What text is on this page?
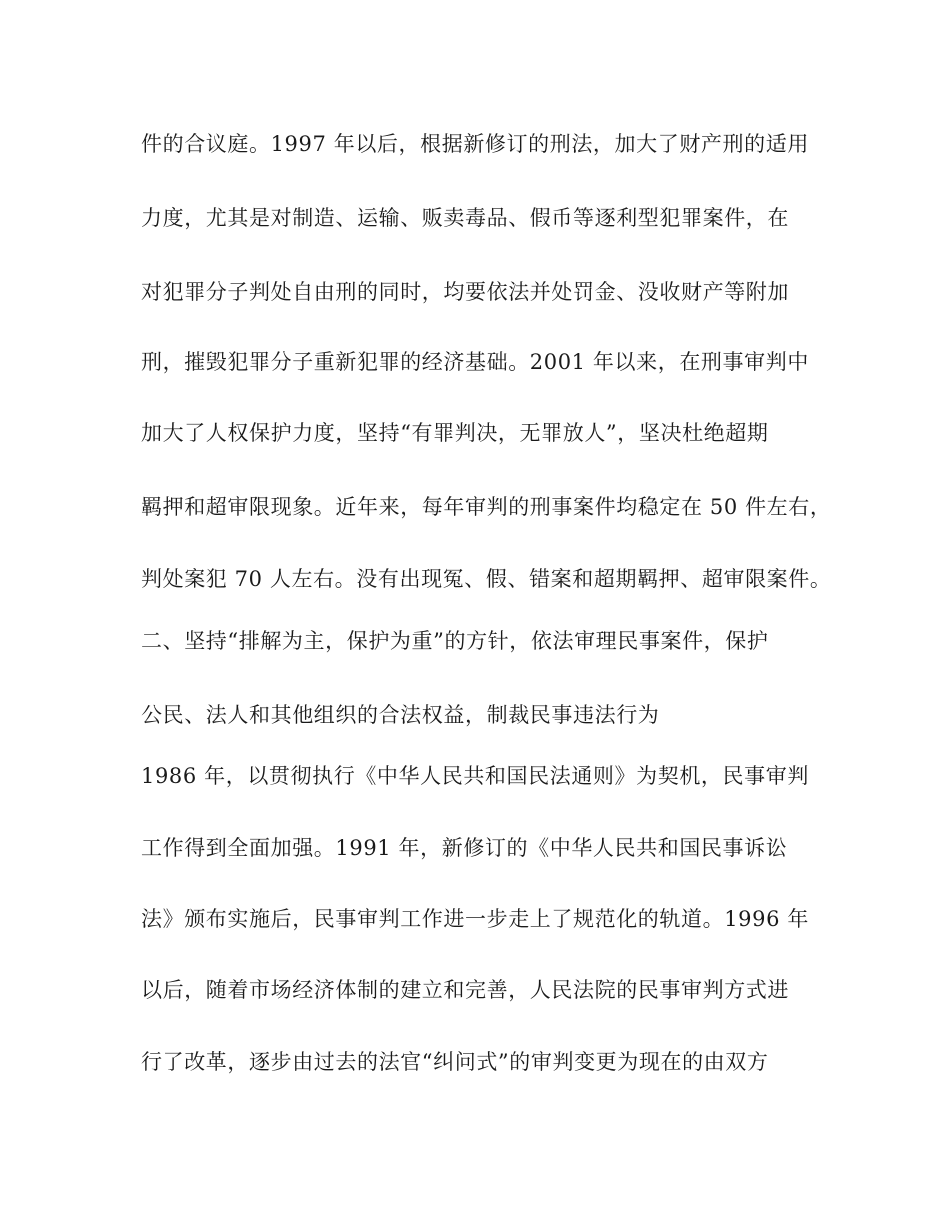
件的合议庭。1997 年以后，根据新修订的刑法，加大了财产刑的适用
力度，尤其是对制造、运输、贩卖毒品、假币等逐利型犯罪案件，在
对犯罪分子判处自由刑的同时，均要依法并处罚金、没收财产等附加
刑，摧毁犯罪分子重新犯罪的经济基础。2001 年以来，在刑事审判中
加大了人权保护力度，坚持“有罪判决，无罪放人”，坚决杜绝超期
羁押和超审限现象。近年来，每年审判的刑事案件均稳定在 50 件左右，
判处案犯 70 人左右。没有出现冤、假、错案和超期羁押、超审限案件。
二、坚持“排解为主，保护为重”的方针，依法审理民事案件，保护
公民、法人和其他组织的合法权益，制裁民事违法行为
1986 年，以贯彻执行《中华人民共和国民法通则》为契机，民事审判
工作得到全面加强。1991 年，新修订的《中华人民共和国民事诉讼
法》颁布实施后，民事审判工作进一步走上了规范化的轨道。1996 年
以后，随着市场经济体制的建立和完善，人民法院的民事审判方式进
行了改革，逐步由过去的法官“纠问式”的审判变更为现在的由双方
